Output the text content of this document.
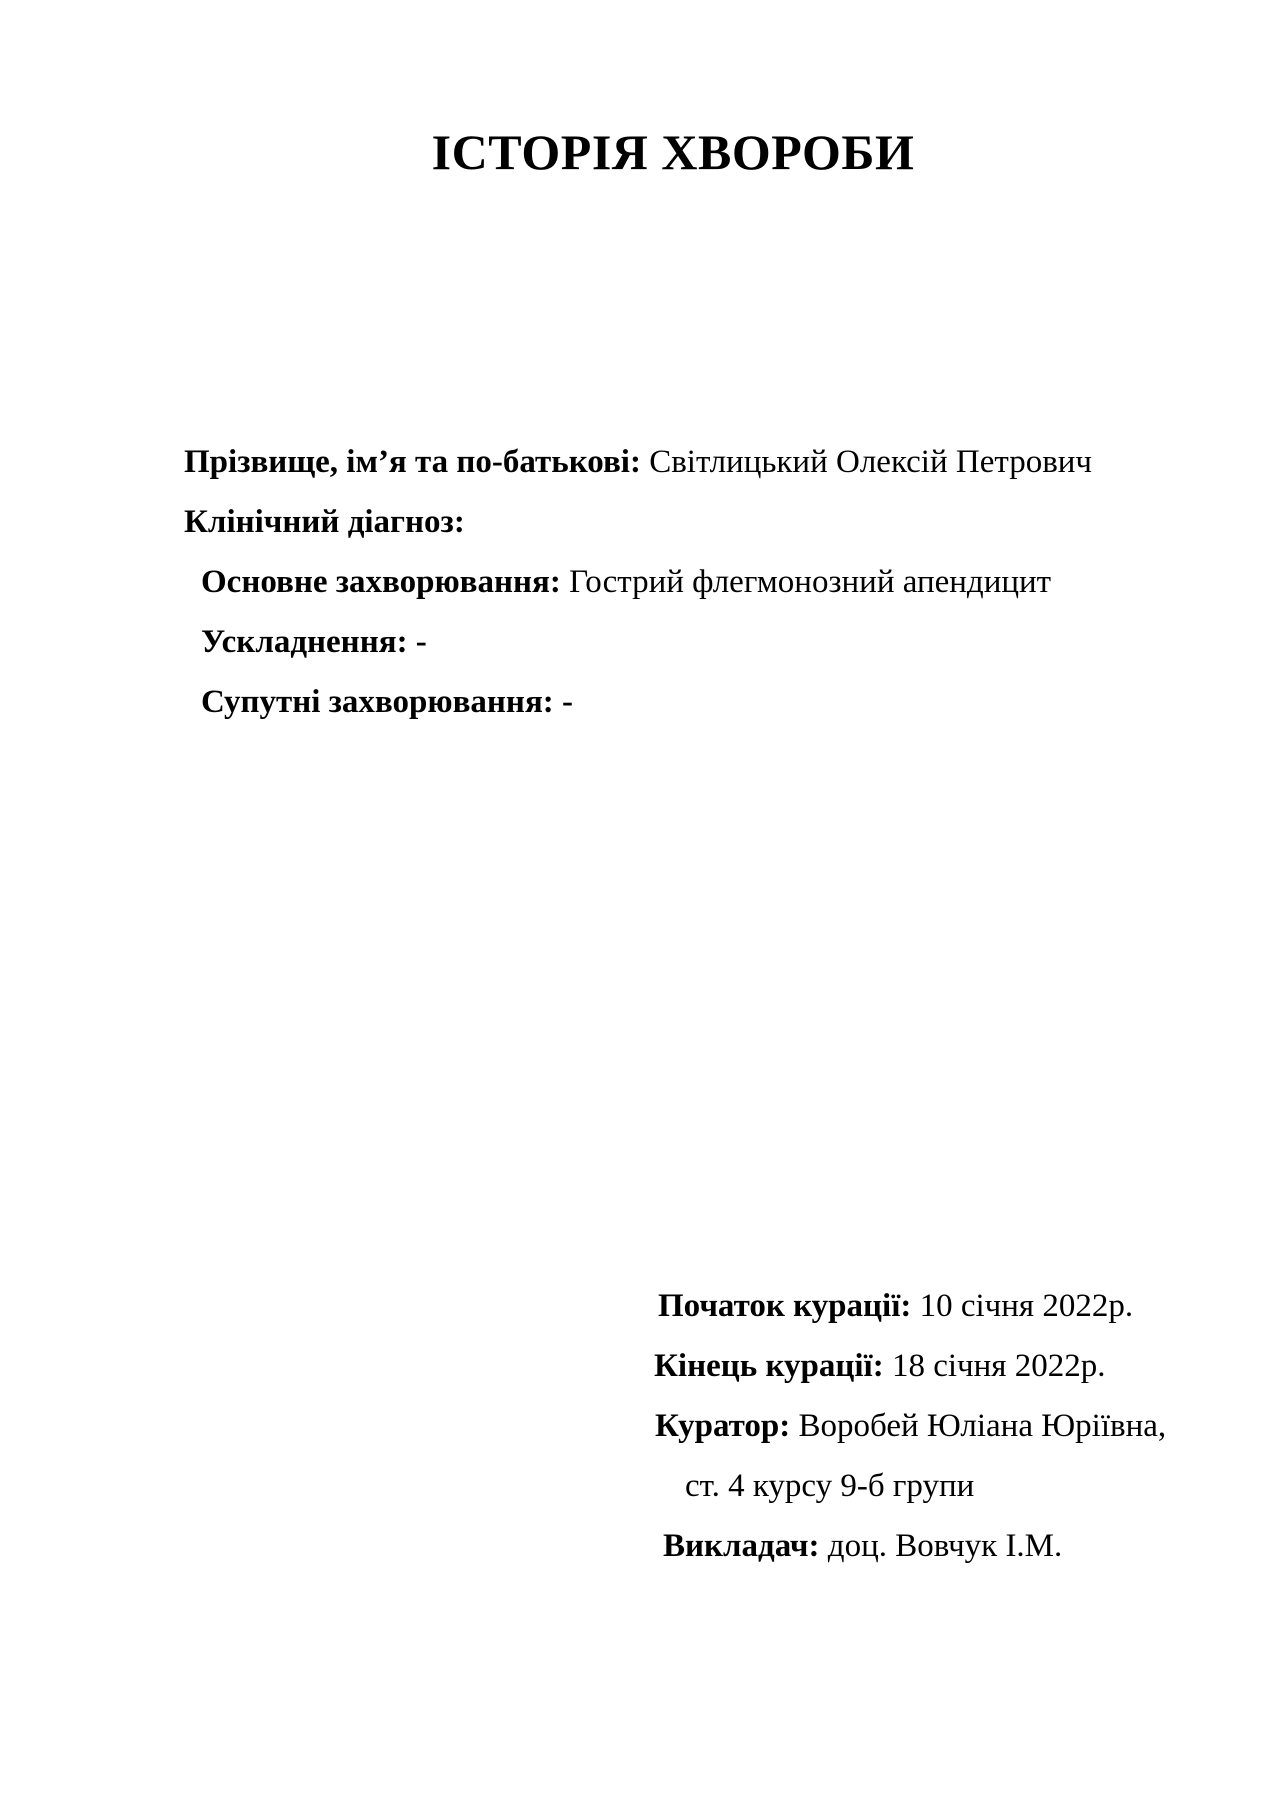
ІСТОРІЯ ХВОРОБИ
Прізвище, ім’я та по-батькові: Світлицький Олексій Петрович
Клінічний діагноз:
Основне захворювання: Гострий флегмонозний апендицит
Ускладнення: -
Супутні захворювання: -
Початок курації: 10 січня 2022р.
Кінець курації: 18 січня 2022р.
Куратор: Воробей Юліана Юріївна,
ст. 4 курсу 9-б групи
Викладач: доц. Вовчук І.М.
